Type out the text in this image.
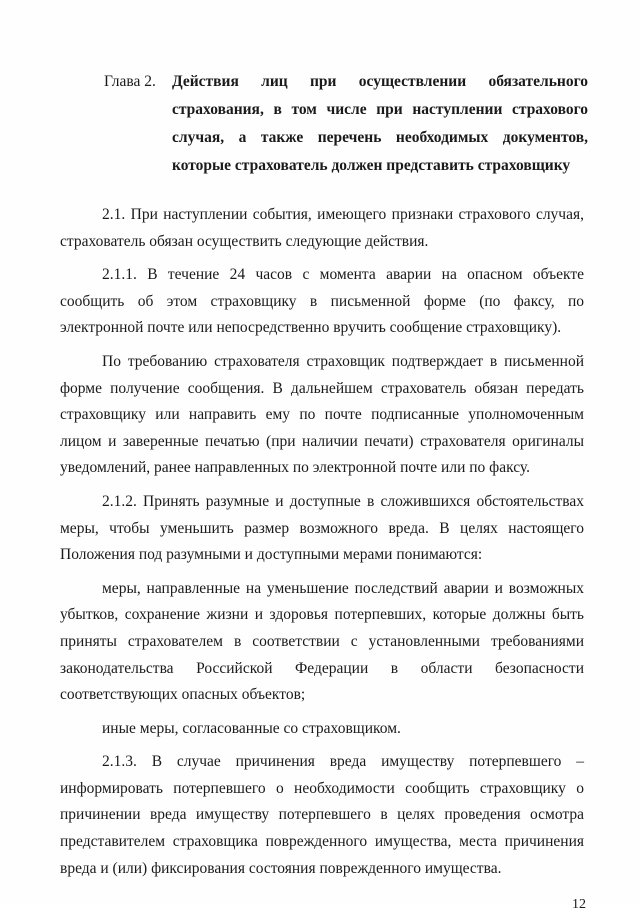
Глава 2.	Действия лиц при осуществлении обязательного страхования, в том числе при наступлении страхового случая, а также перечень необходимых документов, которые страхователь должен представить страховщику

2.1. При наступлении события, имеющего признаки страхового случая, страхователь обязан осуществить следующие действия.

2.1.1. В течение 24 часов с момента аварии на опасном объекте сообщить об этом страховщику в письменной форме (по факсу, по электронной почте или непосредственно вручить сообщение страховщику).

По требованию страхователя страховщик подтверждает в письменной форме получение сообщения. В дальнейшем страхователь обязан передать страховщику или направить ему по почте подписанные уполномоченным лицом и заверенные печатью (при наличии печати) страхователя оригиналы уведомлений, ранее направленных по электронной почте или по факсу.

2.1.2. Принять разумные и доступные в сложившихся обстоятельствах меры, чтобы уменьшить размер возможного вреда. В целях настоящего Положения под разумными и доступными мерами понимаются:

меры, направленные на уменьшение последствий аварии и возможных убытков, сохранение жизни и здоровья потерпевших, которые должны быть приняты страхователем в соответствии с установленными требованиями законодательства Российской Федерации в области безопасности соответствующих опасных объектов;

иные меры, согласованные со страховщиком.

2.1.3. В случае причинения вреда имуществу потерпевшего – информировать потерпевшего о необходимости сообщить страховщику о причинении вреда имуществу потерпевшего в целях проведения осмотра представителем страховщика поврежденного имущества, места причинения вреда и (или) фиксирования состояния поврежденного имущества.

12
